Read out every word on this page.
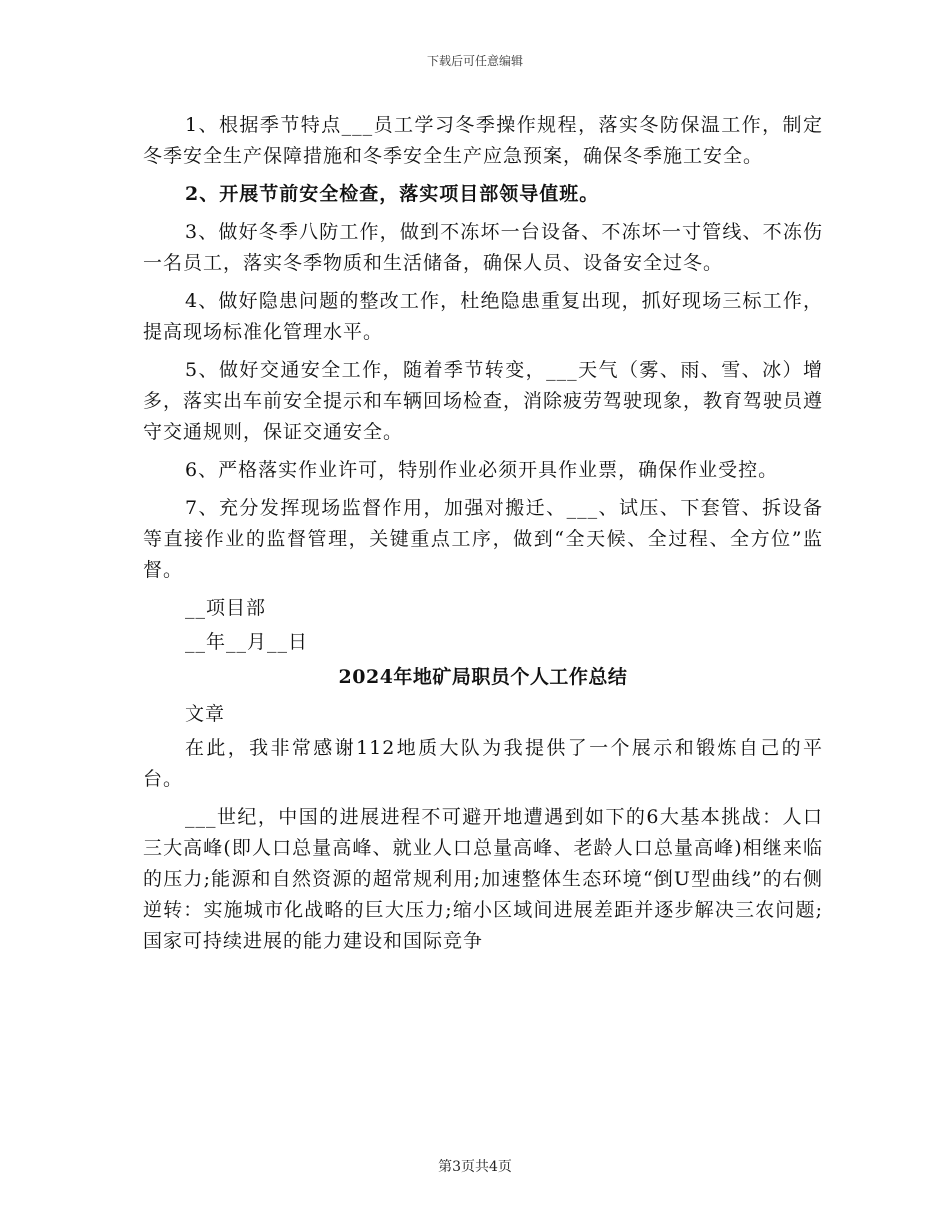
下载后可任意编辑

1、根据季节特点___员工学习冬季操作规程，落实冬防保温工作，制定冬季安全生产保障措施和冬季安全生产应急预案，确保冬季施工安全。

2、开展节前安全检查，落实项目部领导值班。

3、做好冬季八防工作，做到不冻坏一台设备、不冻坏一寸管线、不冻伤一名员工，落实冬季物质和生活储备，确保人员、设备安全过冬。

4、做好隐患问题的整改工作，杜绝隐患重复出现，抓好现场三标工作，提高现场标准化管理水平。

5、做好交通安全工作，随着季节转变，___天气（雾、雨、雪、冰）增多，落实出车前安全提示和车辆回场检查，消除疲劳驾驶现象，教育驾驶员遵守交通规则，保证交通安全。

6、严格落实作业许可，特别作业必须开具作业票，确保作业受控。

7、充分发挥现场监督作用，加强对搬迁、___、试压、下套管、拆设备等直接作业的监督管理，关键重点工序，做到“全天候、全过程、全方位”监督。

__项目部

__年__月__日

2024年地矿局职员个人工作总结

文章

在此，我非常感谢112地质大队为我提供了一个展示和锻炼自己的平台。

___世纪，中国的进展进程不可避开地遭遇到如下的6大基本挑战：人口三大高峰(即人口总量高峰、就业人口总量高峰、老龄人口总量高峰)相继来临的压力;能源和自然资源的超常规利用;加速整体生态环境“倒U型曲线”的右侧逆转：实施城市化战略的巨大压力;缩小区域间进展差距并逐步解决三农问题;国家可持续进展的能力建设和国际竞争

第3页共4页
